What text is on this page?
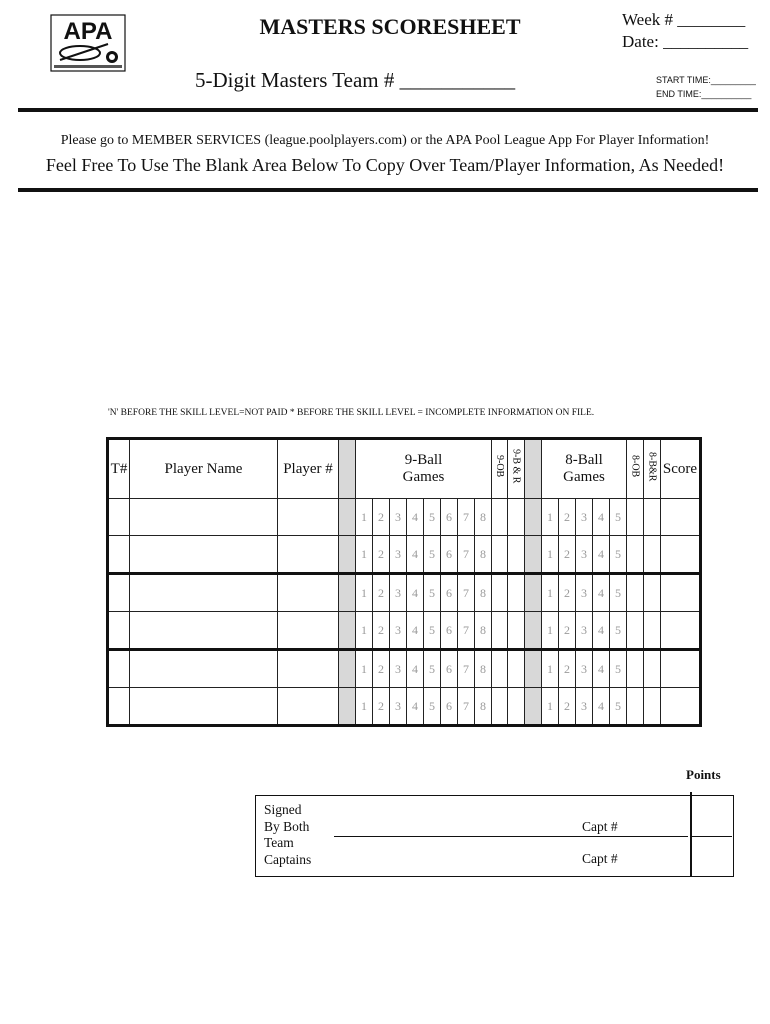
APA	MASTERS SCORESHEET	Week # ________
Date: __________
5-Digit Masters Team # ___________	START TIME:_________
END TIME:__________
Please go to MEMBER SERVICES (league.poolplayers.com) or the APA Pool League App For Player Information!
Feel Free To Use The Blank Area Below To Copy Over Team/Player Information, As Needed!
'N' BEFORE THE SKILL LEVEL=NOT PAID * BEFORE THE SKILL LEVEL = INCOMPLETE INFORMATION ON FILE.
T#	Player Name	Player #		9-Ball
Games								9-OB	9-B & R		8-Ball
Games					8-OB	8-B&R	Score
				1	2	3	4	5	6	7	8				1	2	3	4	5			
				1	2	3	4	5	6	7	8				1	2	3	4	5			
				1	2	3	4	5	6	7	8				1	2	3	4	5			
				1	2	3	4	5	6	7	8				1	2	3	4	5			
				1	2	3	4	5	6	7	8				1	2	3	4	5			
				1	2	3	4	5	6	7	8				1	2	3	4	5			
Points
Signed
By Both
Team
Captains
Capt #
Capt #
